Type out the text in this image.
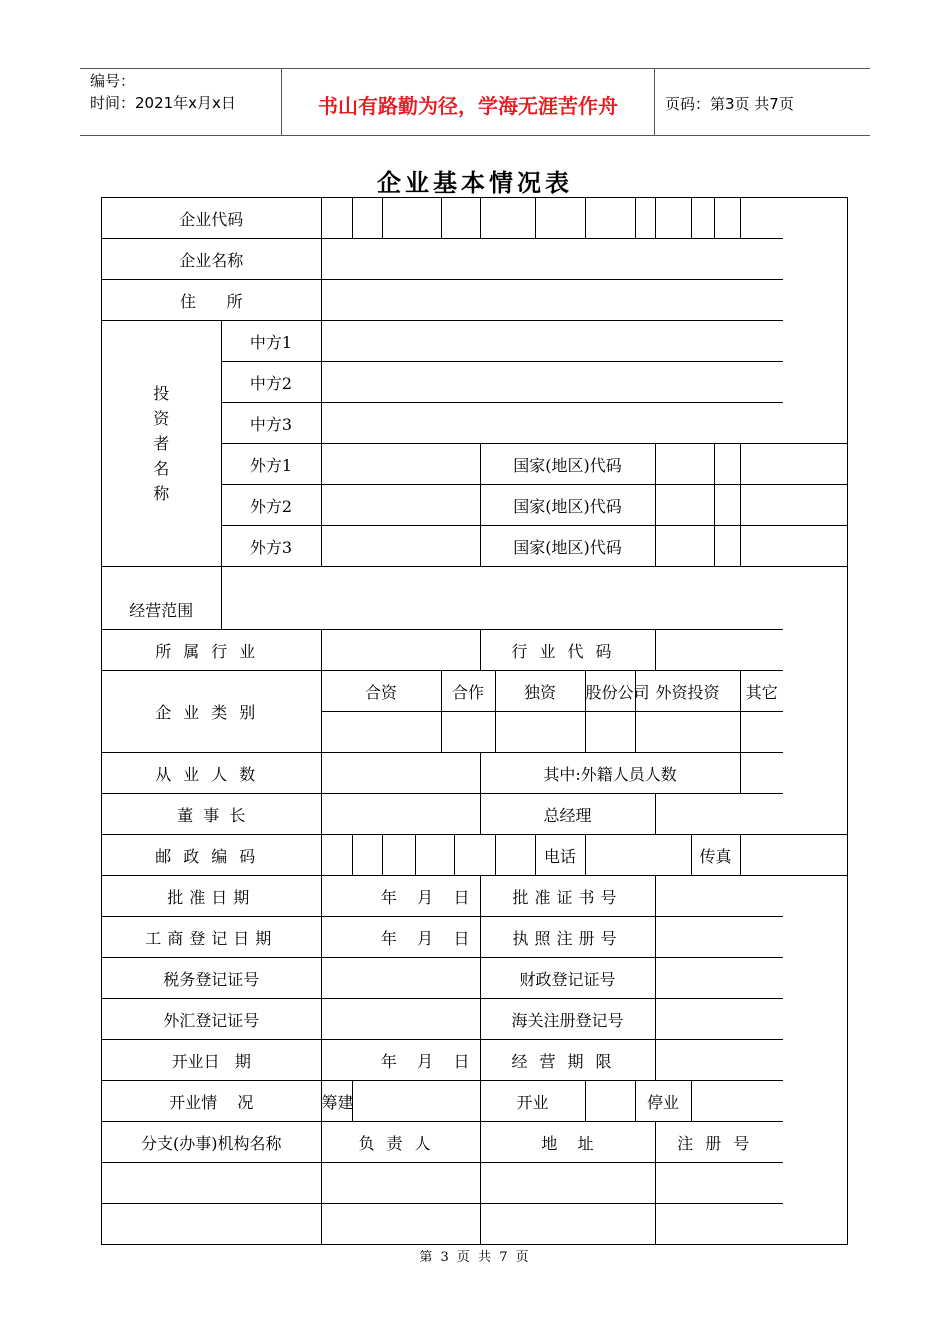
编号：
时间：2021年x月x日	书山有路勤为径，学海无涯苦作舟	页码：第3页 共7页
企业基本情况表
企业代码																
企业名称																
住      所																

投资者名称	中方1															
	中方2															
	中方3															
	外方1							国家(地区)代码								
	外方2							国家(地区)代码								
	外方3							国家(地区)代码								
经营范围																
所属行业								行业代码								
企业类别		合资				合作			独资		股份公司	外资投资				其它

从业人数								其中:外籍人员人数								
董  事  长								总经理								
邮政编码										电话				传真		
批准日期		年    月    日						批准证书号								
工商登记日期		年    月    日						执照注册号								
税务登记证号								财政登记证号								
外汇登记证号								海关注册登记号								
开业日   期		年    月    日						经营期限								
开业情    况		筹建						开业				停业				
分支(办事)机构名称		负责人						地    址					注册号			

第 3 页 共 7 页
